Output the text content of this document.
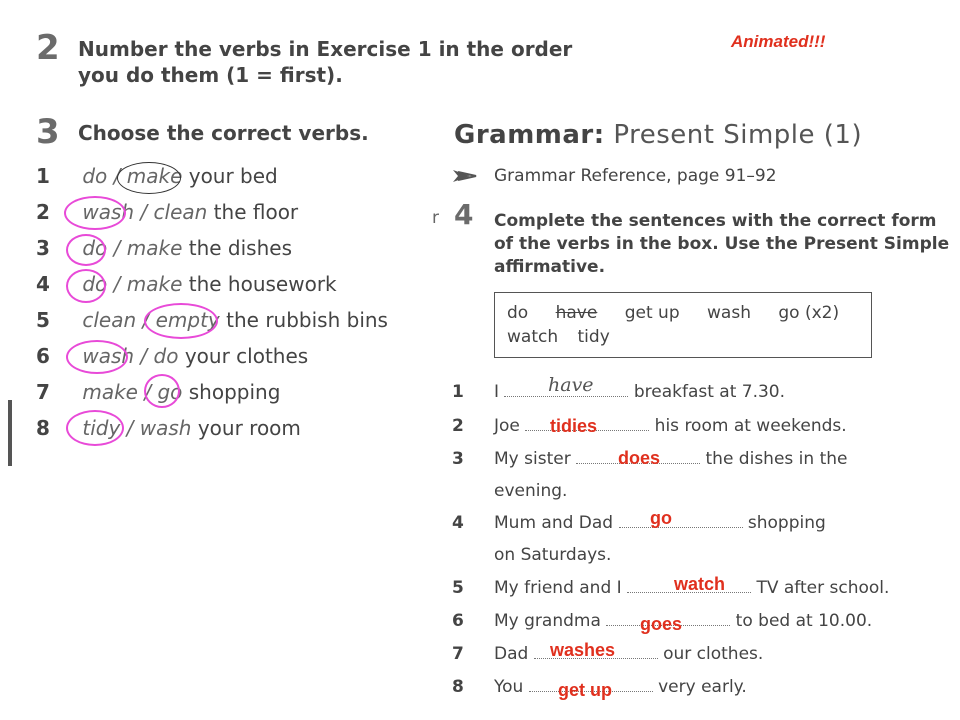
Animated!!!
2 Number the verbs in Exercise 1 in the order
you do them (1 = first).
3 Choose the correct verbs.
1 do / make your bed
2 wash / clean the floor
3 do / make the dishes
4 do / make the housework
5 clean / empty the rubbish bins
6 wash / do your clothes
7 make / go shopping
8 tidy / wash your room
Grammar: Present Simple (1)
Grammar Reference, page 91–92
r 4 Complete the sentences with the correct form
of the verbs in the box. Use the Present Simple
affirmative.
do have get up wash go (x2)
watch tidy
1 I	breakfast at 7.30.
have
2 Joe	his room at weekends.
tidies
3 My sister	the dishes in the
evening.
does
4 Mum and Dad	shopping
on Saturdays.
go
5 My friend and I	TV after school.
watch
6 My grandma	to bed at 10.00.
goes
7 Dad	our clothes.
washes
8 You	very early.
get up
